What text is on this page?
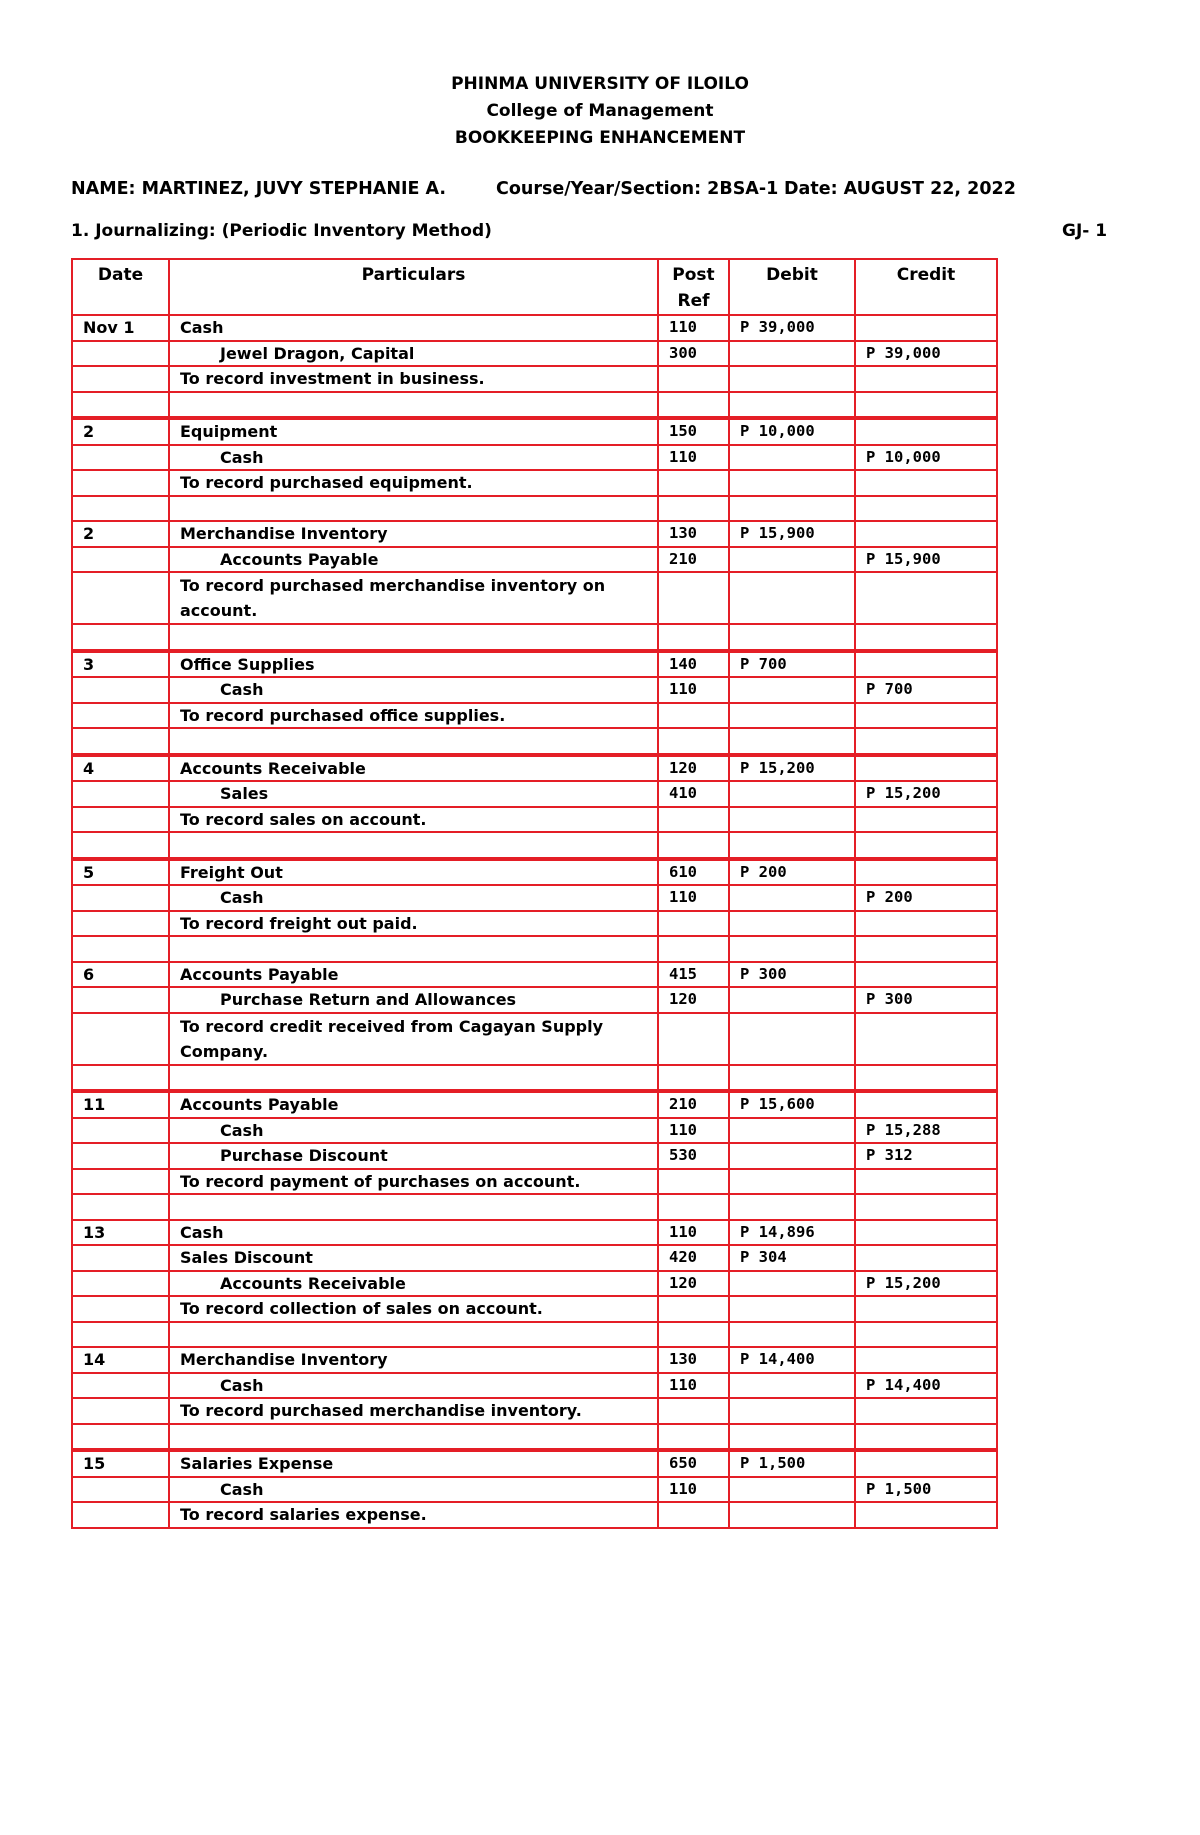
PHINMA UNIVERSITY OF ILOILO
College of Management
BOOKKEEPING ENHANCEMENT
NAME: MARTINEZ, JUVY STEPHANIE A.	Course/Year/Section: 2BSA-1 Date: AUGUST 22, 2022
1. Journalizing: (Periodic Inventory Method)	GJ- 1
Date	Particulars	Post Ref	Debit	Credit
Nov 1	Cash	110	P 39,000	
	Jewel Dragon, Capital	300		P 39,000
	To record investment in business.			

2	Equipment	150	P 10,000	
	Cash	110		P 10,000
	To record purchased equipment.			

2	Merchandise Inventory	130	P 15,900	
	Accounts Payable	210		P 15,900
	To record purchased merchandise inventory on account.			

3	Office Supplies	140	P 700	
	Cash	110		P 700
	To record purchased office supplies.			

4	Accounts Receivable	120	P 15,200	
	Sales	410		P 15,200
	To record sales on account.			

5	Freight Out	610	P 200	
	Cash	110		P 200
	To record freight out paid.			

6	Accounts Payable	415	P 300	
	Purchase Return and Allowances	120		P 300
	To record credit received from Cagayan Supply Company.			

11	Accounts Payable	210	P 15,600	
	Cash	110		P 15,288
	Purchase Discount	530		P 312
	To record payment of purchases on account.			

13	Cash	110	P 14,896	
	Sales Discount	420	P 304	
	Accounts Receivable	120		P 15,200
	To record collection of sales on account.			

14	Merchandise Inventory	130	P 14,400	
	Cash	110		P 14,400
	To record purchased merchandise inventory.			

15	Salaries Expense	650	P 1,500	
	Cash	110		P 1,500
	To record salaries expense.			
